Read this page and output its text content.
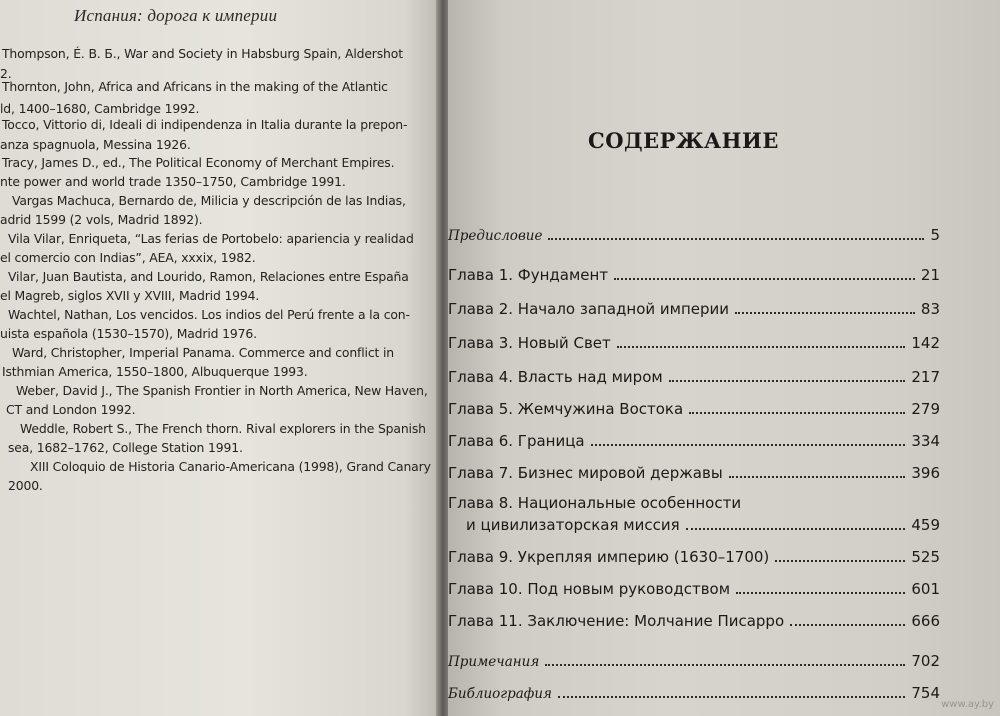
Испания: дорога к империи
Thompson, É. B. Б., War and Society in Habsburg Spain, Aldershot
2.
Thornton, John, Africa and Africans in the making of the Atlantic
ld, 1400–1680, Cambridge 1992.
Tocco, Vittorio di, Ideali di indipendenza in Italia durante la prepon-
anza spagnuola, Messina 1926.
Tracy, James D., ed., The Political Economy of Merchant Empires.
nte power and world trade 1350–1750, Cambridge 1991.
Vargas Machuca, Bernardo de, Milicia y descripción de las Indias,
adrid 1599 (2 vols, Madrid 1892).
Vila Vilar, Enriqueta, “Las ferias de Portobelo: apariencia y realidad
el comercio con Indias”, AEA, xxxix, 1982.
Vilar, Juan Bautista, and Lourido, Ramon, Relaciones entre España
el Magreb, siglos XVII y XVIII, Madrid 1994.
Wachtel, Nathan, Los vencidos. Los indios del Perú frente a la con-
uista española (1530–1570), Madrid 1976.
Ward, Christopher, Imperial Panama. Commerce and conflict in
Isthmian America, 1550–1800, Albuquerque 1993.
Weber, David J., The Spanish Frontier in North America, New Haven,
CT and London 1992.
Weddle, Robert S., The French thorn. Rival explorers in the Spanish
sea, 1682–1762, College Station 1991.
XIII Coloquio de Historia Canario-Americana (1998), Grand Canary
2000.
СОДЕРЖАНИЕ
Предисловие	5
Глава 1. Фундамент	21
Глава 2. Начало западной империи	83
Глава 3. Новый Свет	142
Глава 4. Власть над миром	217
Глава 5. Жемчужина Востока	279
Глава 6. Граница	334
Глава 7. Бизнес мировой державы	396
Глава 8. Национальные особенности
и цивилизаторская миссия	459
Глава 9. Укрепляя империю (1630–1700)	525
Глава 10. Под новым руководством	601
Глава 11. Заключение: Молчание Писарро	666
Примечания	702
Библиография	754
www.ay.by
